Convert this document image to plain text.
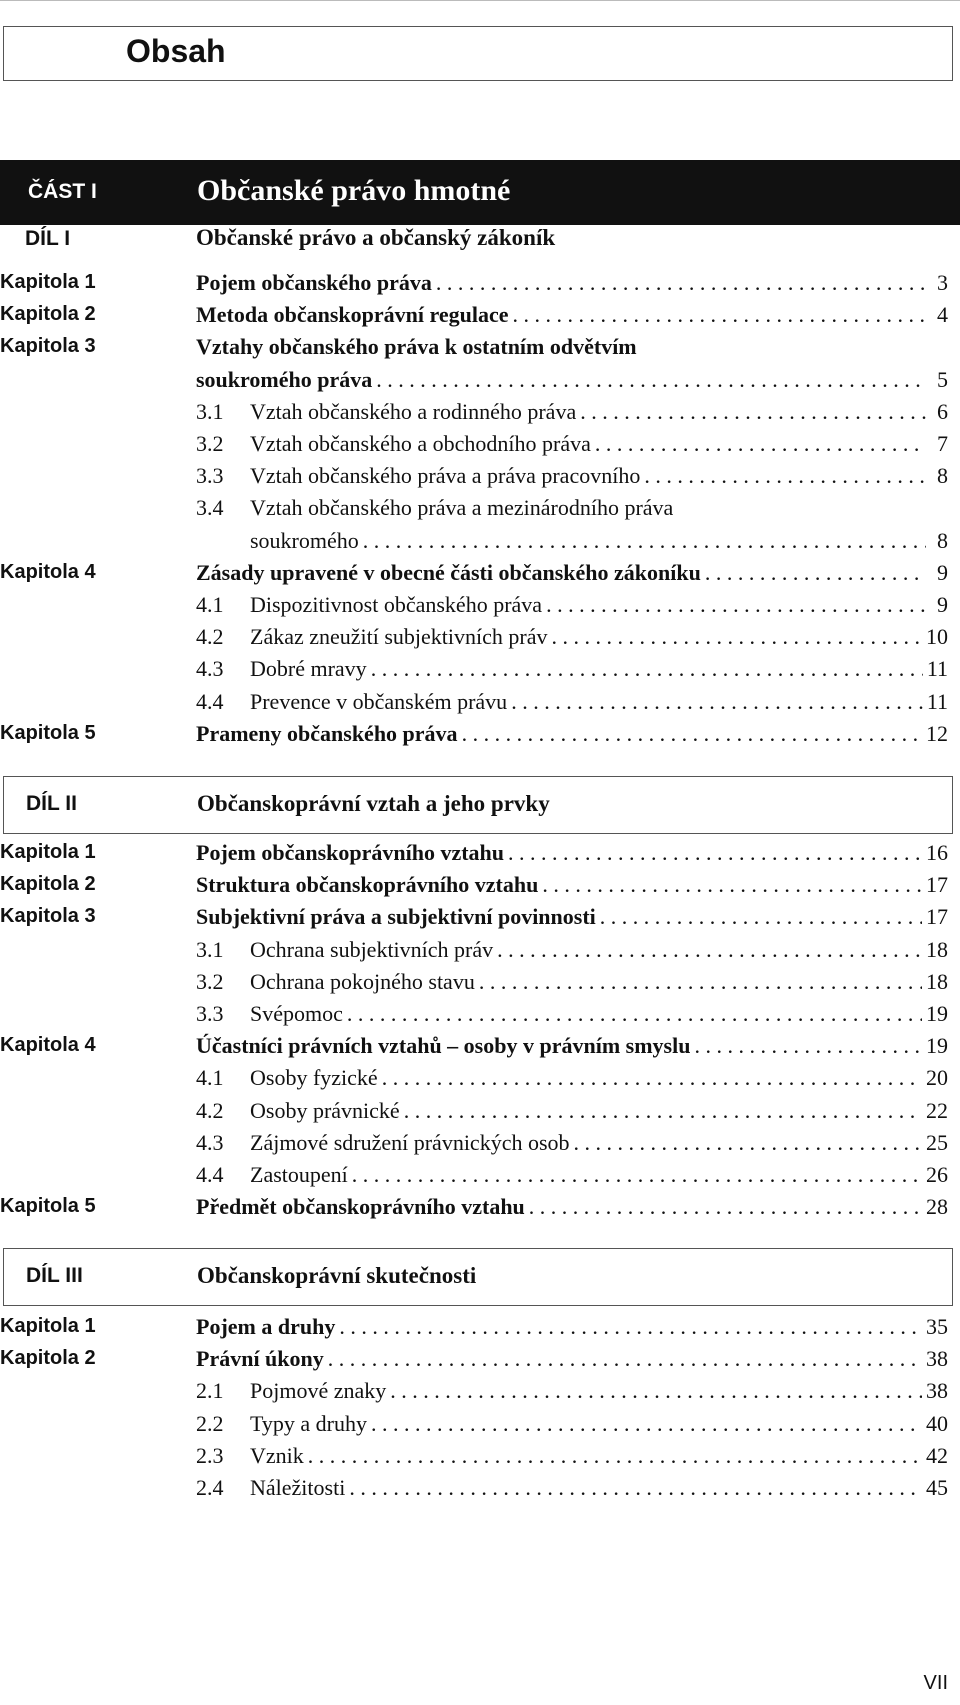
Obsah
ČÁST I	Občanské právo hmotné
DÍL I	Občanské právo a občanský zákoník
Kapitola 1	Pojem občanského práva . . .	3
Kapitola 2	Metoda občanskoprávní regulace . . .	4
Kapitola 3	Vztahy občanského práva k ostatním odvětvím
soukromého práva . . .	5
3.1	Vztah občanského a rodinného práva . . .	6
3.2	Vztah občanského a obchodního práva . . .	7
3.3	Vztah občanského práva a práva pracovního . . .	8
3.4	Vztah občanského práva a mezinárodního práva
soukromého . . .	8
Kapitola 4	Zásady upravené v obecné části občanského zákoníku . . .	9
4.1	Dispozitivnost občanského práva . . .	9
4.2	Zákaz zneužití subjektivních práv . . .	10
4.3	Dobré mravy . . .	11
4.4	Prevence v občanském právu . . .	11
Kapitola 5	Prameny občanského práva . . .	12
DÍL II	Občanskoprávní vztah a jeho prvky
Kapitola 1	Pojem občanskoprávního vztahu . . .	16
Kapitola 2	Struktura občanskoprávního vztahu . . .	17
Kapitola 3	Subjektivní práva a subjektivní povinnosti . . .	17
3.1	Ochrana subjektivních práv . . .	18
3.2	Ochrana pokojného stavu . . .	18
3.3	Svépomoc . . .	19
Kapitola 4	Účastníci právních vztahů – osoby v právním smyslu . . .	19
4.1	Osoby fyzické . . .	20
4.2	Osoby právnické . . .	22
4.3	Zájmové sdružení právnických osob . . .	25
4.4	Zastoupení . . .	26
Kapitola 5	Předmět občanskoprávního vztahu . . .	28
DÍL III	Občanskoprávní skutečnosti
Kapitola 1	Pojem a druhy . . .	35
Kapitola 2	Právní úkony . . .	38
2.1	Pojmové znaky . . .	38
2.2	Typy a druhy . . .	40
2.3	Vznik . . .	42
2.4	Náležitosti . . .	45
VII
